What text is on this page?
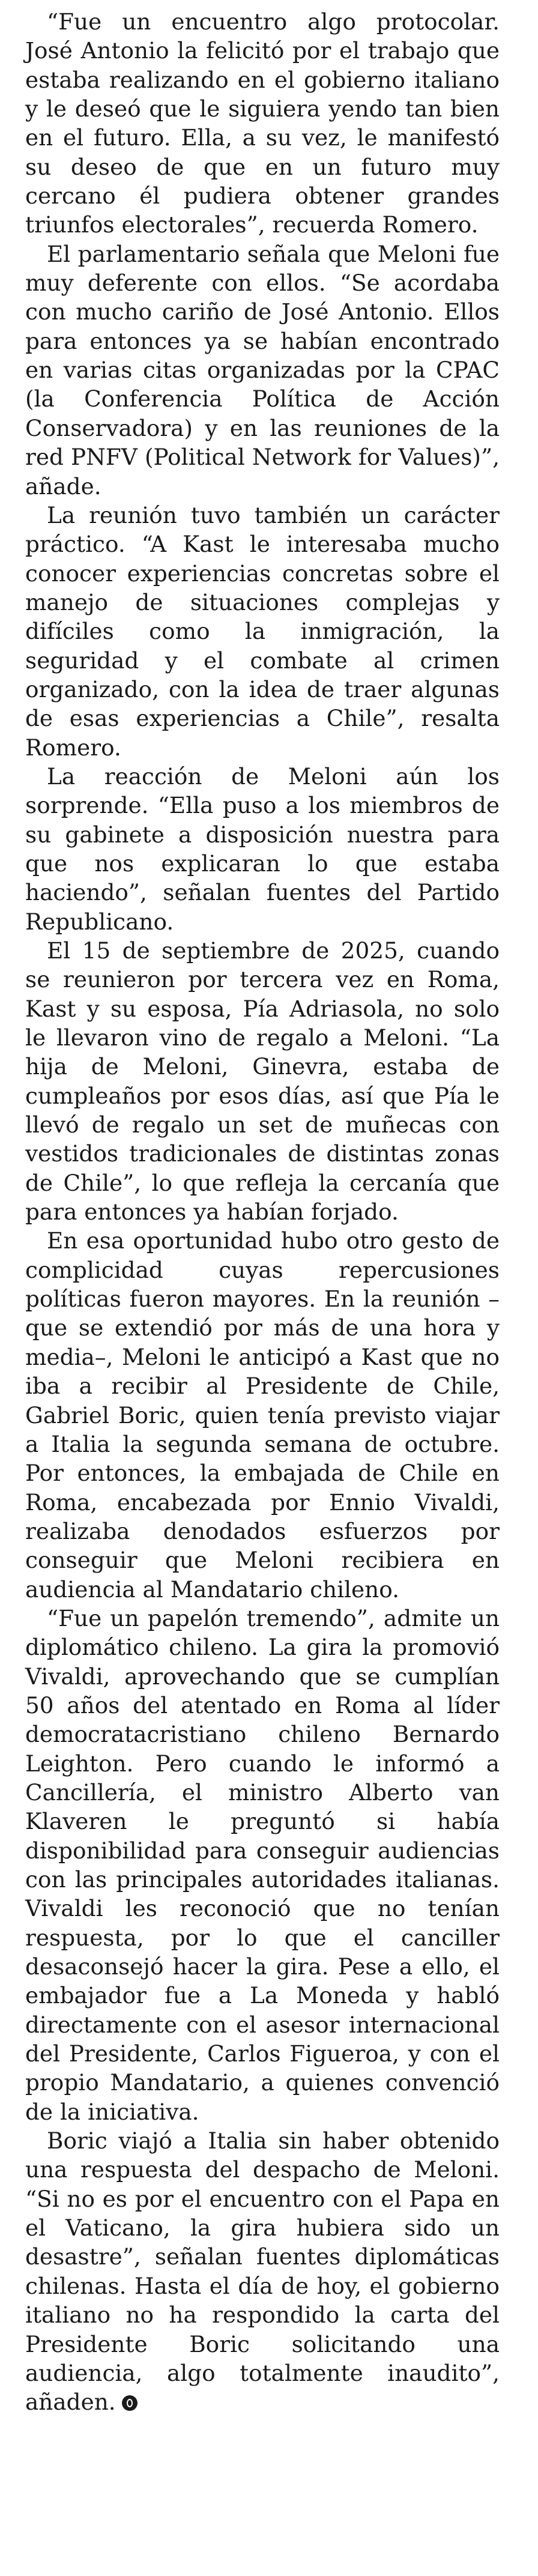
“Fue un encuentro algo protocolar. José Antonio la felicitó por el trabajo que estaba realizando en el gobierno italiano y le deseó que le siguiera yendo tan bien en el futuro. Ella, a su vez, le manifestó su deseo de que en un futuro muy cercano él pudiera obtener grandes triunfos electorales”, recuerda Romero.

El parlamentario señala que Meloni fue muy deferente con ellos. “Se acordaba con mucho cariño de José Antonio. Ellos para entonces ya se habían encontrado en varias citas organizadas por la CPAC (la Conferencia Política de Acción Conservadora) y en las reuniones de la red PNFV (Political Network for Values)”, añade.

La reunión tuvo también un carácter práctico. “A Kast le interesaba mucho conocer experiencias concretas sobre el manejo de situaciones complejas y difíciles como la inmigración, la seguridad y el combate al crimen organizado, con la idea de traer algunas de esas experiencias a Chile”, resalta Romero.

La reacción de Meloni aún los sorprende. “Ella puso a los miembros de su gabinete a disposición nuestra para que nos explicaran lo que estaba haciendo”, señalan fuentes del Partido Republicano.

El 15 de septiembre de 2025, cuando se reunieron por tercera vez en Roma, Kast y su esposa, Pía Adriasola, no solo le llevaron vino de regalo a Meloni. “La hija de Meloni, Ginevra, estaba de cumpleaños por esos días, así que Pía le llevó de regalo un set de muñecas con vestidos tradicionales de distintas zonas de Chile”, lo que refleja la cercanía que para entonces ya habían forjado.

En esa oportunidad hubo otro gesto de complicidad cuyas repercusiones políticas fueron mayores. En la reunión –que se extendió por más de una hora y media–, Meloni le anticipó a Kast que no iba a recibir al Presidente de Chile, Gabriel Boric, quien tenía previsto viajar a Italia la segunda semana de octubre. Por entonces, la embajada de Chile en Roma, encabezada por Ennio Vivaldi, realizaba denodados esfuerzos por conseguir que Meloni recibiera en audiencia al Mandatario chileno.

“Fue un papelón tremendo”, admite un diplomático chileno. La gira la promovió Vivaldi, aprovechando que se cumplían 50 años del atentado en Roma al líder democratacristiano chileno Bernardo Leighton. Pero cuando le informó a Cancillería, el ministro Alberto van Klaveren le preguntó si había disponibilidad para conseguir audiencias con las principales autoridades italianas. Vivaldi les reconoció que no tenían respuesta, por lo que el canciller desaconsejó hacer la gira. Pese a ello, el embajador fue a La Moneda y habló directamente con el asesor internacional del Presidente, Carlos Figueroa, y con el propio Mandatario, a quienes convenció de la iniciativa.

Boric viajó a Italia sin haber obtenido una respuesta del despacho de Meloni. “Si no es por el encuentro con el Papa en el Vaticano, la gira hubiera sido un desastre”, señalan fuentes diplomáticas chilenas. Hasta el día de hoy, el gobierno italiano no ha respondido la carta del Presidente Boric solicitando una audiencia, algo totalmente inaudito”, añaden.
